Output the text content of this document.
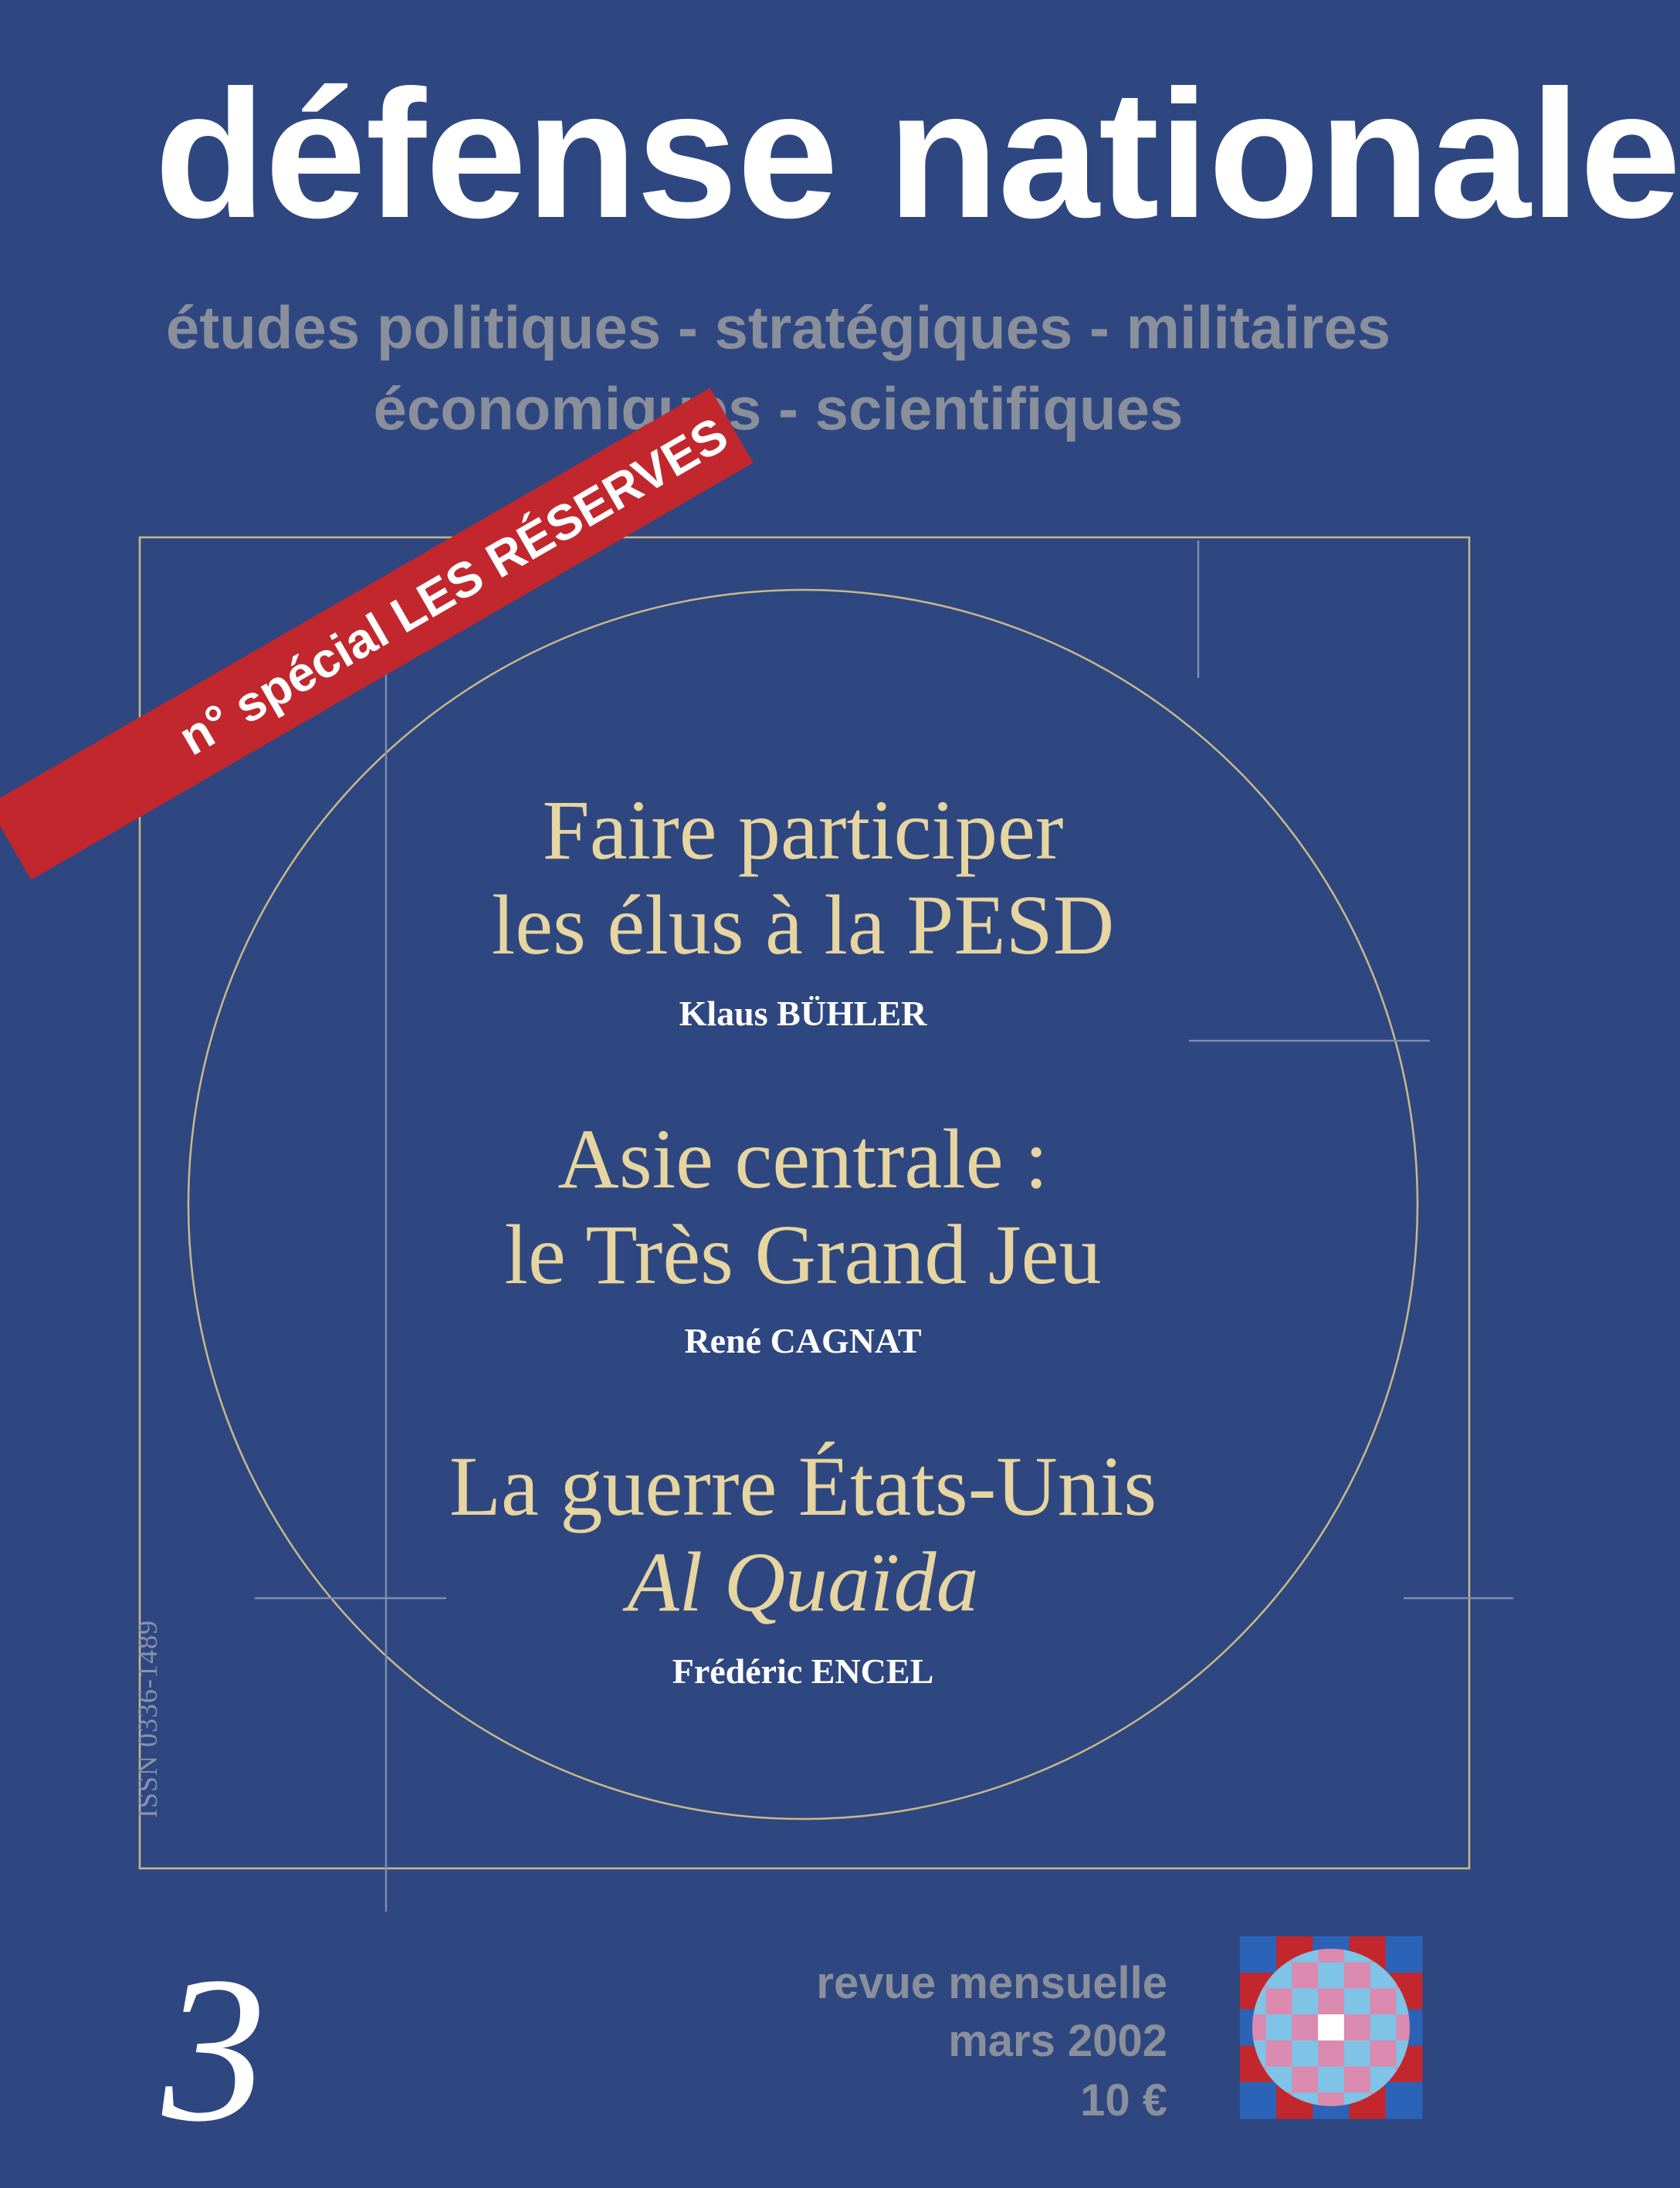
défense nationale
études politiques - stratégiques - militaires
économiques - scientifiques
n° spécial LES RÉSERVES
Faire participer
les élus à la PESD
Klaus BÜHLER
Asie centrale :
le Très Grand Jeu
René CAGNAT
La guerre États-Unis
Al Quaïda
Frédéric ENCEL
ISSN 0336-1489
3	revue mensuelle
mars 2002
10 €
